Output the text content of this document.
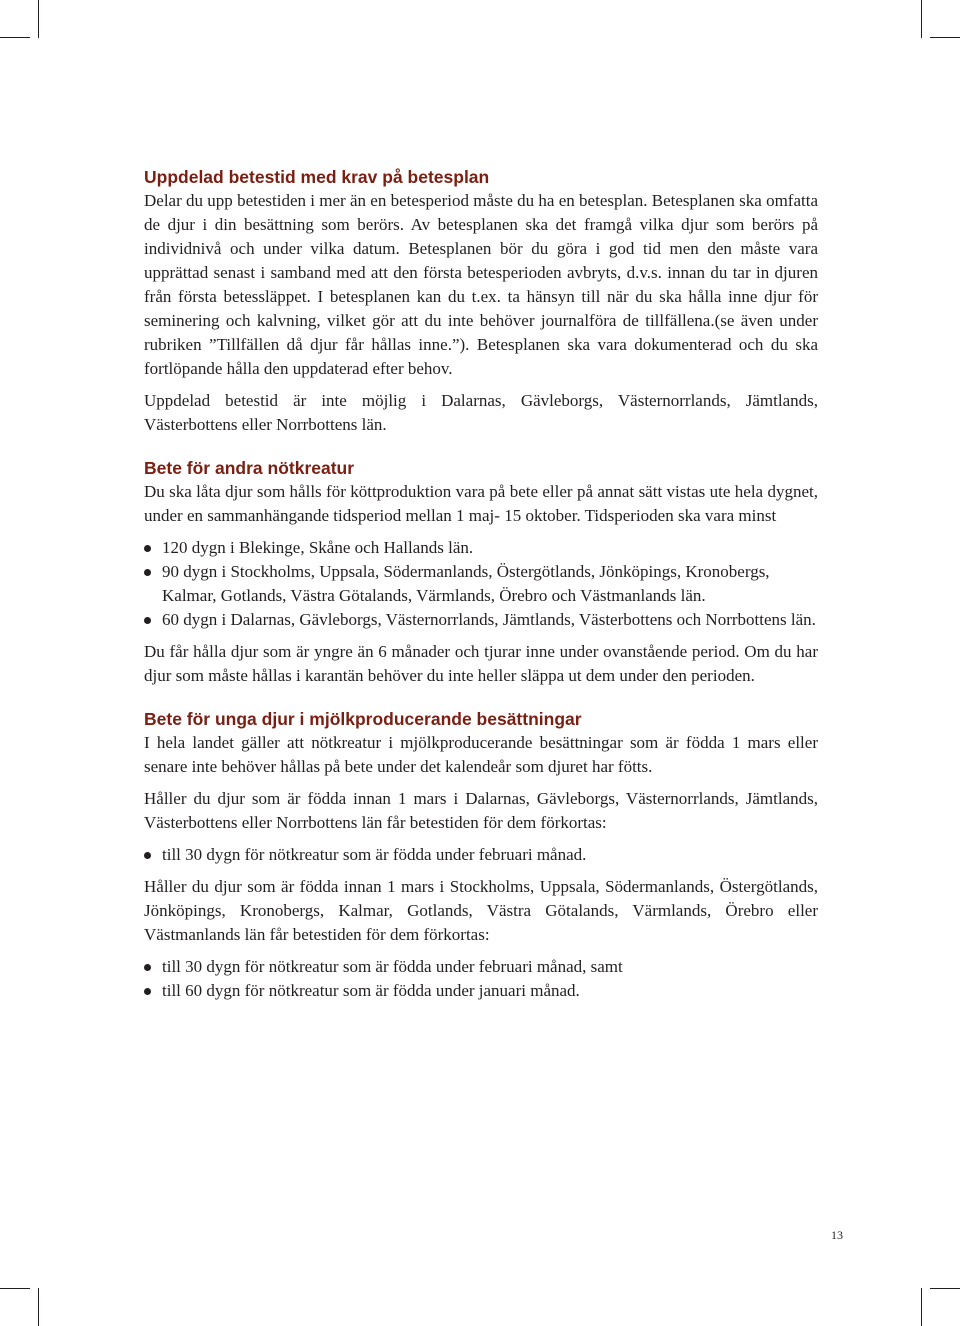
Uppdelad betestid med krav på betesplan

Delar du upp betestiden i mer än en betesperiod måste du ha en betesplan. Betesplanen ska omfatta de djur i din besättning som berörs. Av betesplanen ska det framgå vilka djur som berörs på individnivå och under vilka datum. Betesplanen bör du göra i god tid men den måste vara upprättad senast i samband med att den första betesperioden avbryts, d.v.s. innan du tar in djuren från första betessläppet. I betesplanen kan du t.ex. ta hänsyn till när du ska hålla inne djur för seminering och kalvning, vilket gör att du inte behöver journalföra de tillfällena.(se även under rubriken ”Tillfällen då djur får hållas inne.”). Betesplanen ska vara dokumenterad och du ska fortlöpande hålla den uppdaterad efter behov.

Uppdelad betestid är inte möjlig i Dalarnas, Gävleborgs, Västernorrlands, Jämtlands, Västerbottens eller Norrbottens län.

Bete för andra nötkreatur

Du ska låta djur som hålls för köttproduktion vara på bete eller på annat sätt vistas ute hela dygnet, under en sammanhängande tidsperiod mellan 1 maj- 15 oktober. Tidsperioden ska vara minst

120 dygn i Blekinge, Skåne och Hallands län.
90 dygn i Stockholms, Uppsala, Södermanlands, Östergötlands, Jönköpings, Kronobergs, Kalmar, Gotlands, Västra Götalands, Värmlands, Örebro och Västmanlands län.
60 dygn i Dalarnas, Gävleborgs, Västernorrlands, Jämtlands, Västerbottens och Norrbottens län.

Du får hålla djur som är yngre än 6 månader och tjurar inne under ovanstående period. Om du har djur som måste hållas i karantän behöver du inte heller släppa ut dem under den perioden.

Bete för unga djur i mjölkproducerande besättningar

I hela landet gäller att nötkreatur i mjölkproducerande besättningar som är födda 1 mars eller senare inte behöver hållas på bete under det kalendeår som djuret har fötts.

Håller du djur som är födda innan 1 mars i Dalarnas, Gävleborgs, Västernorrlands, Jämtlands, Västerbottens eller Norrbottens län får betestiden för dem förkortas:

till 30 dygn för nötkreatur som är födda under februari månad.

Håller du djur som är födda innan 1 mars i Stockholms, Uppsala, Södermanlands, Östergötlands, Jönköpings, Kronobergs, Kalmar, Gotlands, Västra Götalands, Värmlands, Örebro eller Västmanlands län får betestiden för dem förkortas:

till 30 dygn för nötkreatur som är födda under februari månad, samt
till 60 dygn för nötkreatur som är födda under januari månad.
13
